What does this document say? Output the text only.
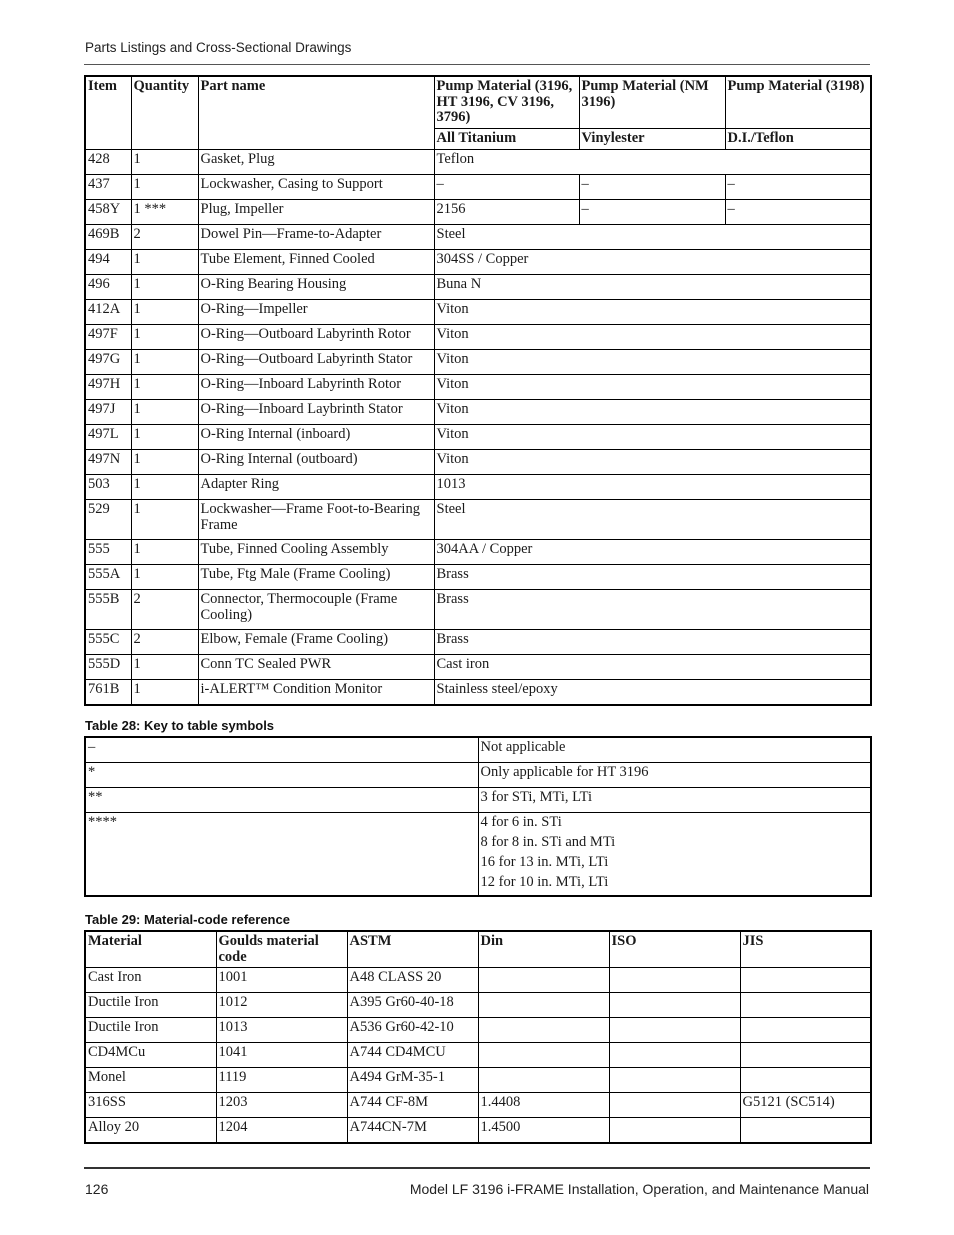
Parts Listings and Cross-Sectional Drawings
Item	Quantity	Part name	Pump Material (3196, HT 3196, CV 3196, 3796)	Pump Material (NM 3196)	Pump Material (3198)
			All Titanium	Vinylester	D.I./Teflon
428	1	Gasket, Plug	Teflon		
437	1	Lockwasher, Casing to Support	–	–	–
458Y	1 ***	Plug, Impeller	2156	–	–
469B	2	Dowel Pin—Frame-to-Adapter	Steel		
494	1	Tube Element, Finned Cooled	304SS / Copper		
496	1	O-Ring Bearing Housing	Buna N		
412A	1	O-Ring—Impeller	Viton		
497F	1	O-Ring—Outboard Labyrinth Rotor	Viton		
497G	1	O-Ring—Outboard Labyrinth Stator	Viton		
497H	1	O-Ring—Inboard Labyrinth Rotor	Viton		
497J	1	O-Ring—Inboard Laybrinth Stator	Viton		
497L	1	O-Ring Internal (inboard)	Viton		
497N	1	O-Ring Internal (outboard)	Viton		
503	1	Adapter Ring	1013		
529	1	Lockwasher—Frame Foot-to-Bearing Frame	Steel		
555	1	Tube, Finned Cooling Assembly	304AA / Copper		
555A	1	Tube, Ftg Male (Frame Cooling)	Brass		
555B	2	Connector, Thermocouple (Frame Cooling)	Brass		
555C	2	Elbow, Female (Frame Cooling)	Brass		
555D	1	Conn TC Sealed PWR	Cast iron		
761B	1	i-ALERT™ Condition Monitor	Stainless steel/epoxy		
Table 28: Key to table symbols
–	Not applicable

*	Only applicable for HT 3196

**	3 for STi, MTi, LTi

****	4 for 6 in. STi
8 for 8 in. STi and MTi
16 for 13 in. MTi, LTi
12 for 10 in. MTi, LTi
Table 29: Material-code reference
Material	Goulds material code	ASTM	Din	ISO	JIS
Cast Iron	1001	A48 CLASS 20			
Ductile Iron	1012	A395 Gr60-40-18			
Ductile Iron	1013	A536 Gr60-42-10			
CD4MCu	1041	A744 CD4MCU			
Monel	1119	A494 GrM-35-1			
316SS	1203	A744 CF-8M	1.4408		G5121 (SC514)
Alloy 20	1204	A744CN-7M	1.4500		
126	Model LF 3196 i-FRAME Installation, Operation, and Maintenance Manual
